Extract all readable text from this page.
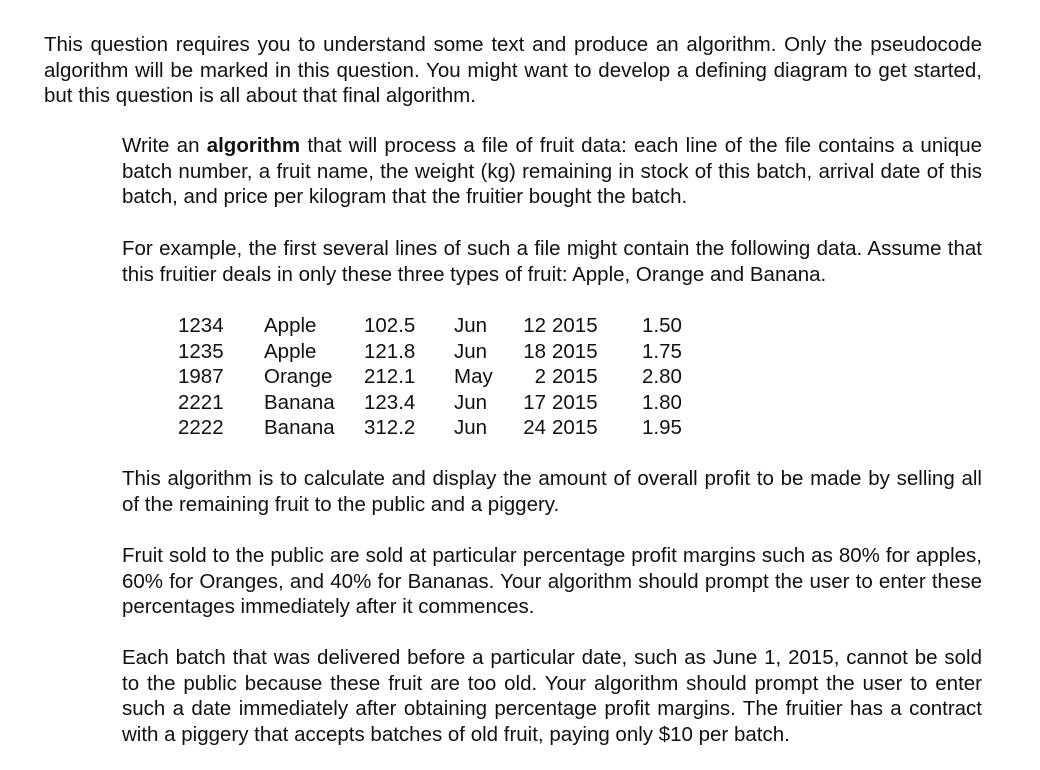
This question requires you to understand some text and produce an algorithm. Only the pseudocode algorithm will be marked in this question. You might want to develop a defining diagram to get started, but this question is all about that final algorithm.

Write an algorithm that will process a file of fruit data: each line of the file contains a unique batch number, a fruit name, the weight (kg) remaining in stock of this batch, arrival date of this batch, and price per kilogram that the fruitier bought the batch.

For example, the first several lines of such a file might contain the following data. Assume that this fruitier deals in only these three types of fruit: Apple, Orange and Banana.

1234	Apple	102.5	Jun	12	2015	1.50
1235	Apple	121.8	Jun	18	2015	1.75
1987	Orange	212.1	May	2	2015	2.80
2221	Banana	123.4	Jun	17	2015	1.80
2222	Banana	312.2	Jun	24	2015	1.95

This algorithm is to calculate and display the amount of overall profit to be made by selling all of the remaining fruit to the public and a piggery.

Fruit sold to the public are sold at particular percentage profit margins such as 80% for apples, 60% for Oranges, and 40% for Bananas. Your algorithm should prompt the user to enter these percentages immediately after it commences.

Each batch that was delivered before a particular date, such as June 1, 2015, cannot be sold to the public because these fruit are too old. Your algorithm should prompt the user to enter such a date immediately after obtaining percentage profit margins. The fruitier has a contract with a piggery that accepts batches of old fruit, paying only $10 per batch.
